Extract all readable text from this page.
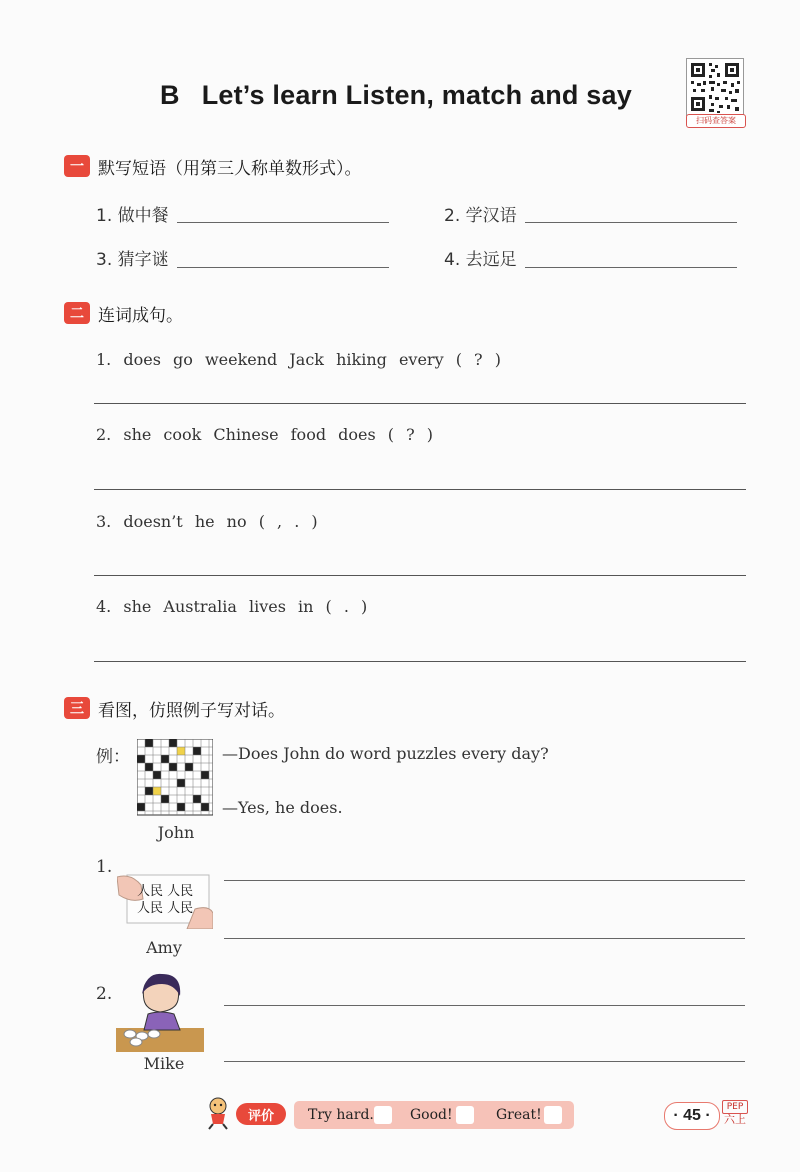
B Let’s learn Listen, match and say
扫码查答案
一 默写短语（用第三人称单数形式）。
1. 做中餐	2. 学汉语
3. 猜字谜	4. 去远足
二 连词成句。
1. does go weekend Jack hiking every ( ? )
2. she cook Chinese food does ( ? )
3. doesn’t he no ( , . )
4. she Australia lives in ( . )
三 看图，仿照例子写对话。
例：	—Does John do word puzzles every day?
—Yes, he does.
John
1.
人民 人民
人民 人民
Amy
2.
Mike
评价	Try hard.	Good!	Great!	· 45 ·	PEP
六上
